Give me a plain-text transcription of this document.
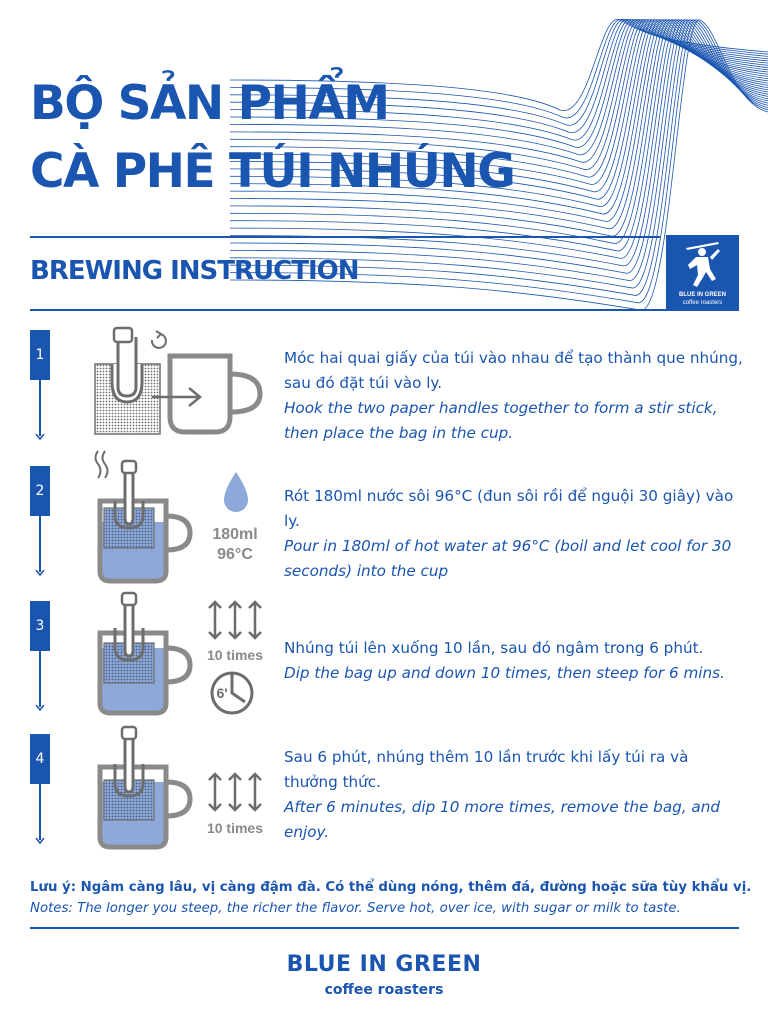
BỘ SẢN PHẨM
CÀ PHÊ TÚI NHÚNG
BREWING INSTRUCTION
BLUE IN GREEN
coffee roasters
1	Móc hai quai giấy của túi vào nhau để tạo thành que nhúng, sau đó đặt túi vào ly.
Hook the two paper handles together to form a stir stick, then place the bag in the cup.
2
180ml
96°C
Rót 180ml nước sôi 96°C (đun sôi rồi để nguội 30 giây) vào ly.
Pour in 180ml of hot water at 96°C (boil and let cool for 30 seconds) into the cup
3
10 times
6'
Nhúng túi lên xuống 10 lần, sau đó ngâm trong 6 phút.
Dip the bag up and down 10 times, then steep for 6 mins.
4
10 times
Sau 6 phút, nhúng thêm 10 lần trước khi lấy túi ra và thưởng thức.
After 6 minutes, dip 10 more times, remove the bag, and enjoy.
Lưu ý: Ngâm càng lâu, vị càng đậm đà. Có thể dùng nóng, thêm đá, đường hoặc sữa tùy khẩu vị.
Notes: The longer you steep, the richer the flavor. Serve hot, over ice, with sugar or milk to taste.
BLUE IN GREEN
coffee roasters
